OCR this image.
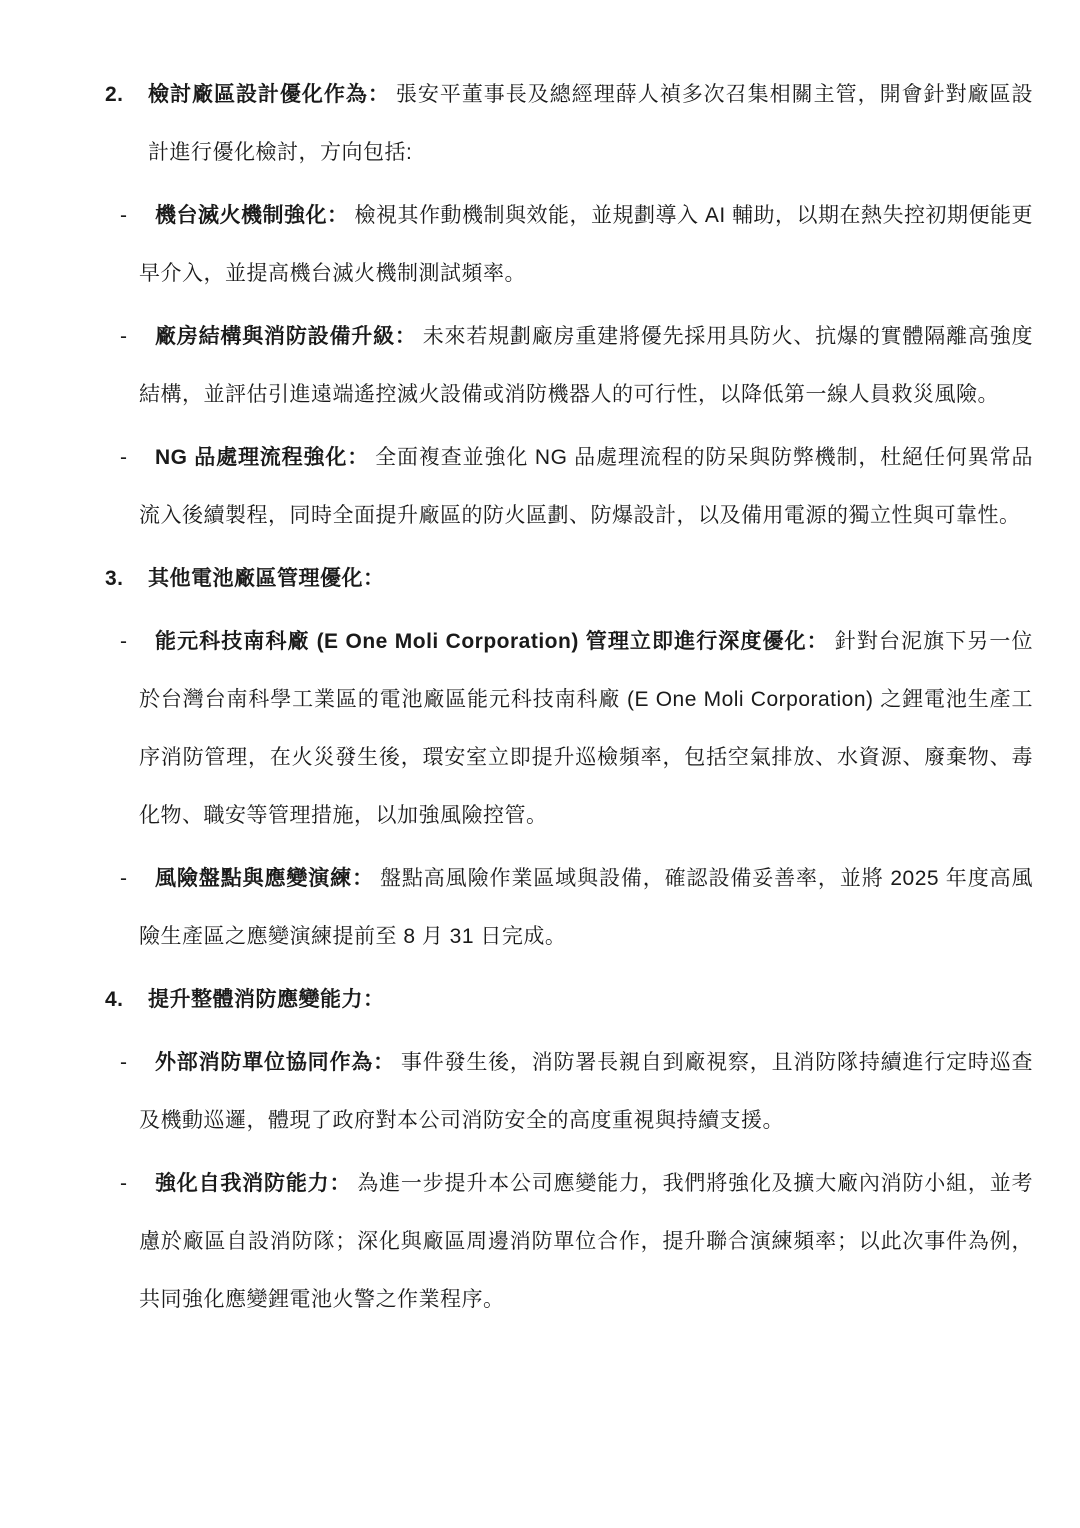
2. 檢討廠區設計優化作為： 張安平董事長及總經理薛人禎多次召集相關主管，開會針對廠區設計進行優化檢討，方向包括:
- 機台滅火機制強化： 檢視其作動機制與效能，並規劃導入 AI 輔助，以期在熱失控初期便能更早介入，並提高機台滅火機制測試頻率。
- 廠房結構與消防設備升級： 未來若規劃廠房重建將優先採用具防火、抗爆的實體隔離高強度結構，並評估引進遠端遙控滅火設備或消防機器人的可行性，以降低第一線人員救災風險。
- NG 品處理流程強化： 全面複查並強化 NG 品處理流程的防呆與防弊機制，杜絕任何異常品流入後續製程，同時全面提升廠區的防火區劃、防爆設計，以及備用電源的獨立性與可靠性。
3. 其他電池廠區管理優化：
- 能元科技南科廠 (E One Moli Corporation) 管理立即進行深度優化： 針對台泥旗下另一位於台灣台南科學工業區的電池廠區能元科技南科廠 (E One Moli Corporation) 之鋰電池生產工序消防管理，在火災發生後，環安室立即提升巡檢頻率，包括空氣排放、水資源、廢棄物、毒化物、職安等管理措施，以加強風險控管。
- 風險盤點與應變演練： 盤點高風險作業區域與設備，確認設備妥善率，並將 2025 年度高風險生產區之應變演練提前至 8 月 31 日完成。
4. 提升整體消防應變能力：
- 外部消防單位協同作為： 事件發生後，消防署長親自到廠視察，且消防隊持續進行定時巡查及機動巡邏，體現了政府對本公司消防安全的高度重視與持續支援。
- 強化自我消防能力： 為進一步提升本公司應變能力，我們將強化及擴大廠內消防小組，並考慮於廠區自設消防隊；深化與廠區周邊消防單位合作，提升聯合演練頻率；以此次事件為例，共同強化應變鋰電池火警之作業程序。
